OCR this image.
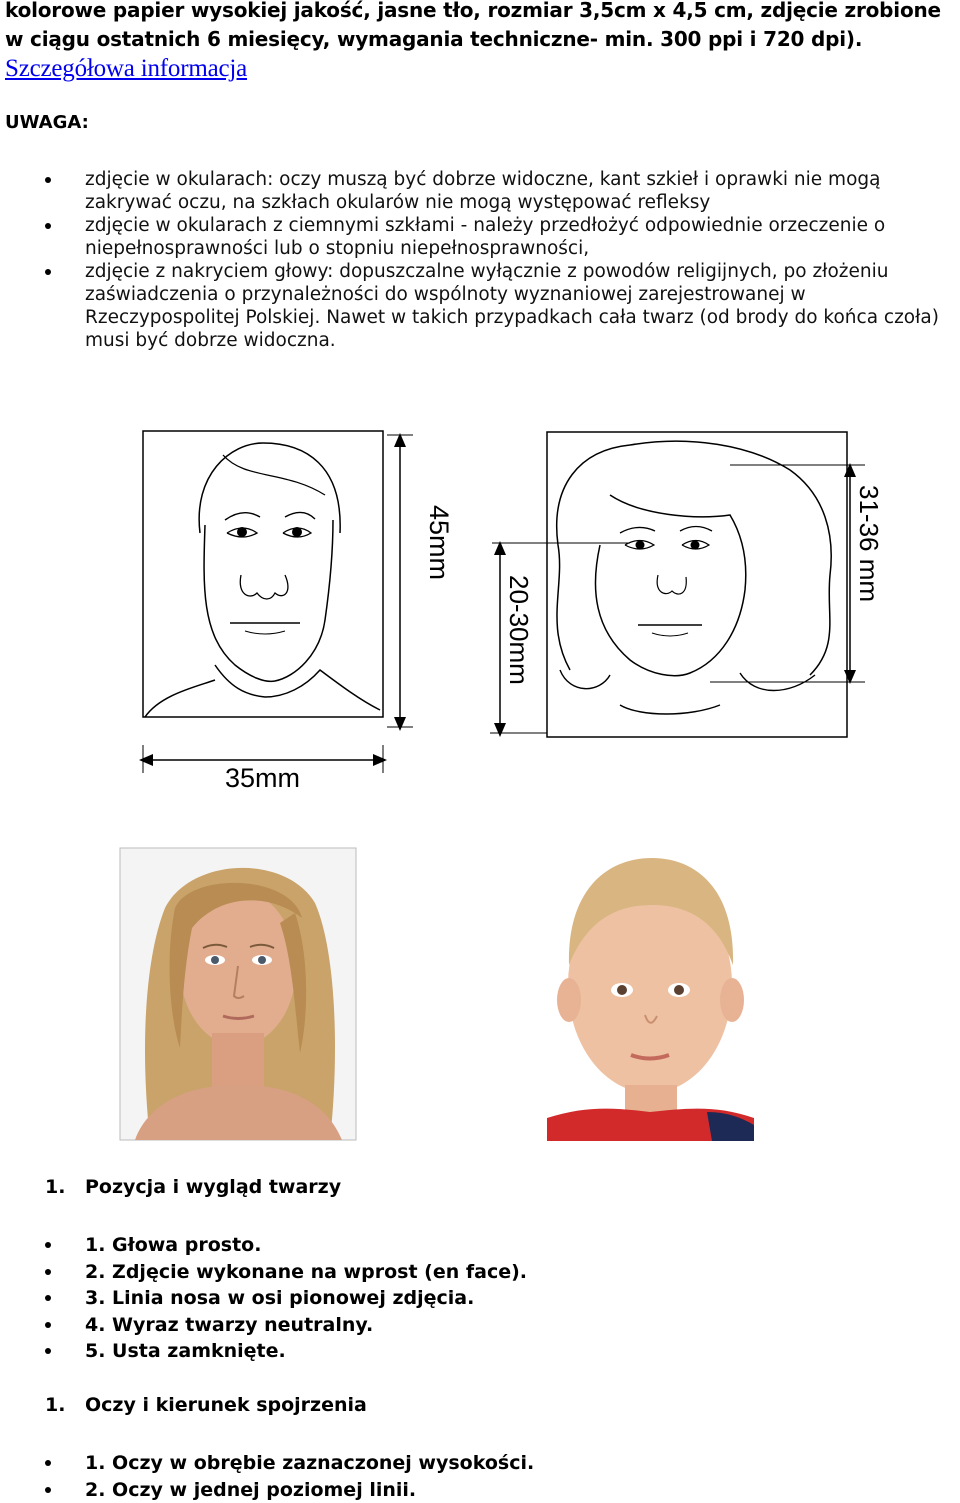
kolorowe papier wysokiej jakość, jasne tło, rozmiar 3,5cm x 4,5 cm, zdjęcie zrobione w ciągu ostatnich 6 miesięcy, wymagania techniczne- min. 300 ppi i 720 dpi). Szczegółowa informacja
UWAGA:
zdjęcie w okularach: oczy muszą być dobrze widoczne, kant szkieł i oprawki nie mogą zakrywać oczu, na szkłach okularów nie mogą występować refleksy
zdjęcie w okularach z ciemnymi szkłami - należy przedłożyć odpowiednie orzeczenie o niepełnosprawności lub o stopniu niepełnosprawności,
zdjęcie z nakryciem głowy: dopuszczalne wyłącznie z powodów religijnych, po złożeniu zaświadczenia o przynależności do wspólnoty wyznaniowej zarejestrowanej w Rzeczypospolitej Polskiej. Nawet w takich przypadkach cała twarz (od brody do końca czoła) musi być dobrze widoczna.
45mm
35mm
20-30mm
31-36 mm
1. Pozycja i wygląd twarzy
1. Głowa prosto.
2. Zdjęcie wykonane na wprost (en face).
3. Linia nosa w osi pionowej zdjęcia.
4. Wyraz twarzy neutralny.
5. Usta zamknięte.
1. Oczy i kierunek spojrzenia
1. Oczy w obrębie zaznaczonej wysokości.
2. Oczy w jednej poziomej linii.
